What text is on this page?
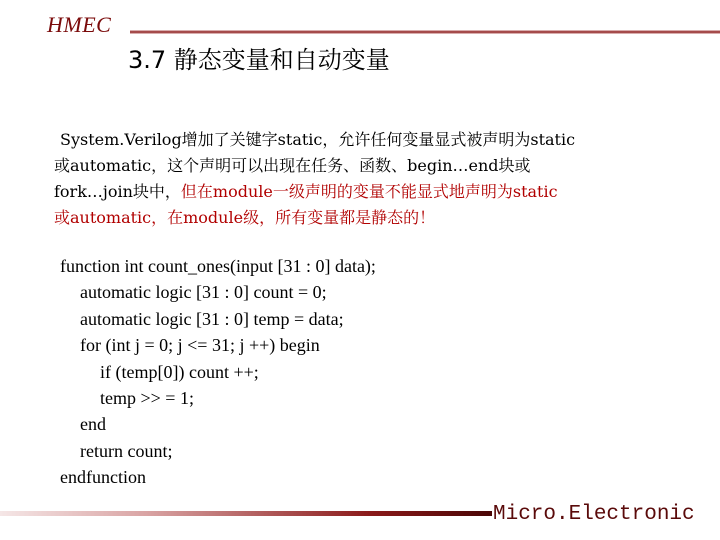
HMEC
3.7 静态变量和自动变量
System.Verilog增加了关键字static，允许任何变量显式被声明为static
或automatic，这个声明可以出现在任务、函数、begin…end块或
fork…join块中，但在module一级声明的变量不能显式地声明为static
或automatic，在module级，所有变量都是静态的！
function int count_ones(input [31 : 0] data);
automatic logic [31 : 0] count = 0;
automatic logic [31 : 0] temp = data;
for (int j = 0; j <= 31; j ++) begin
if (temp[0]) count ++;
temp >> = 1;
end
return count;
endfunction
Micro.Electronic
